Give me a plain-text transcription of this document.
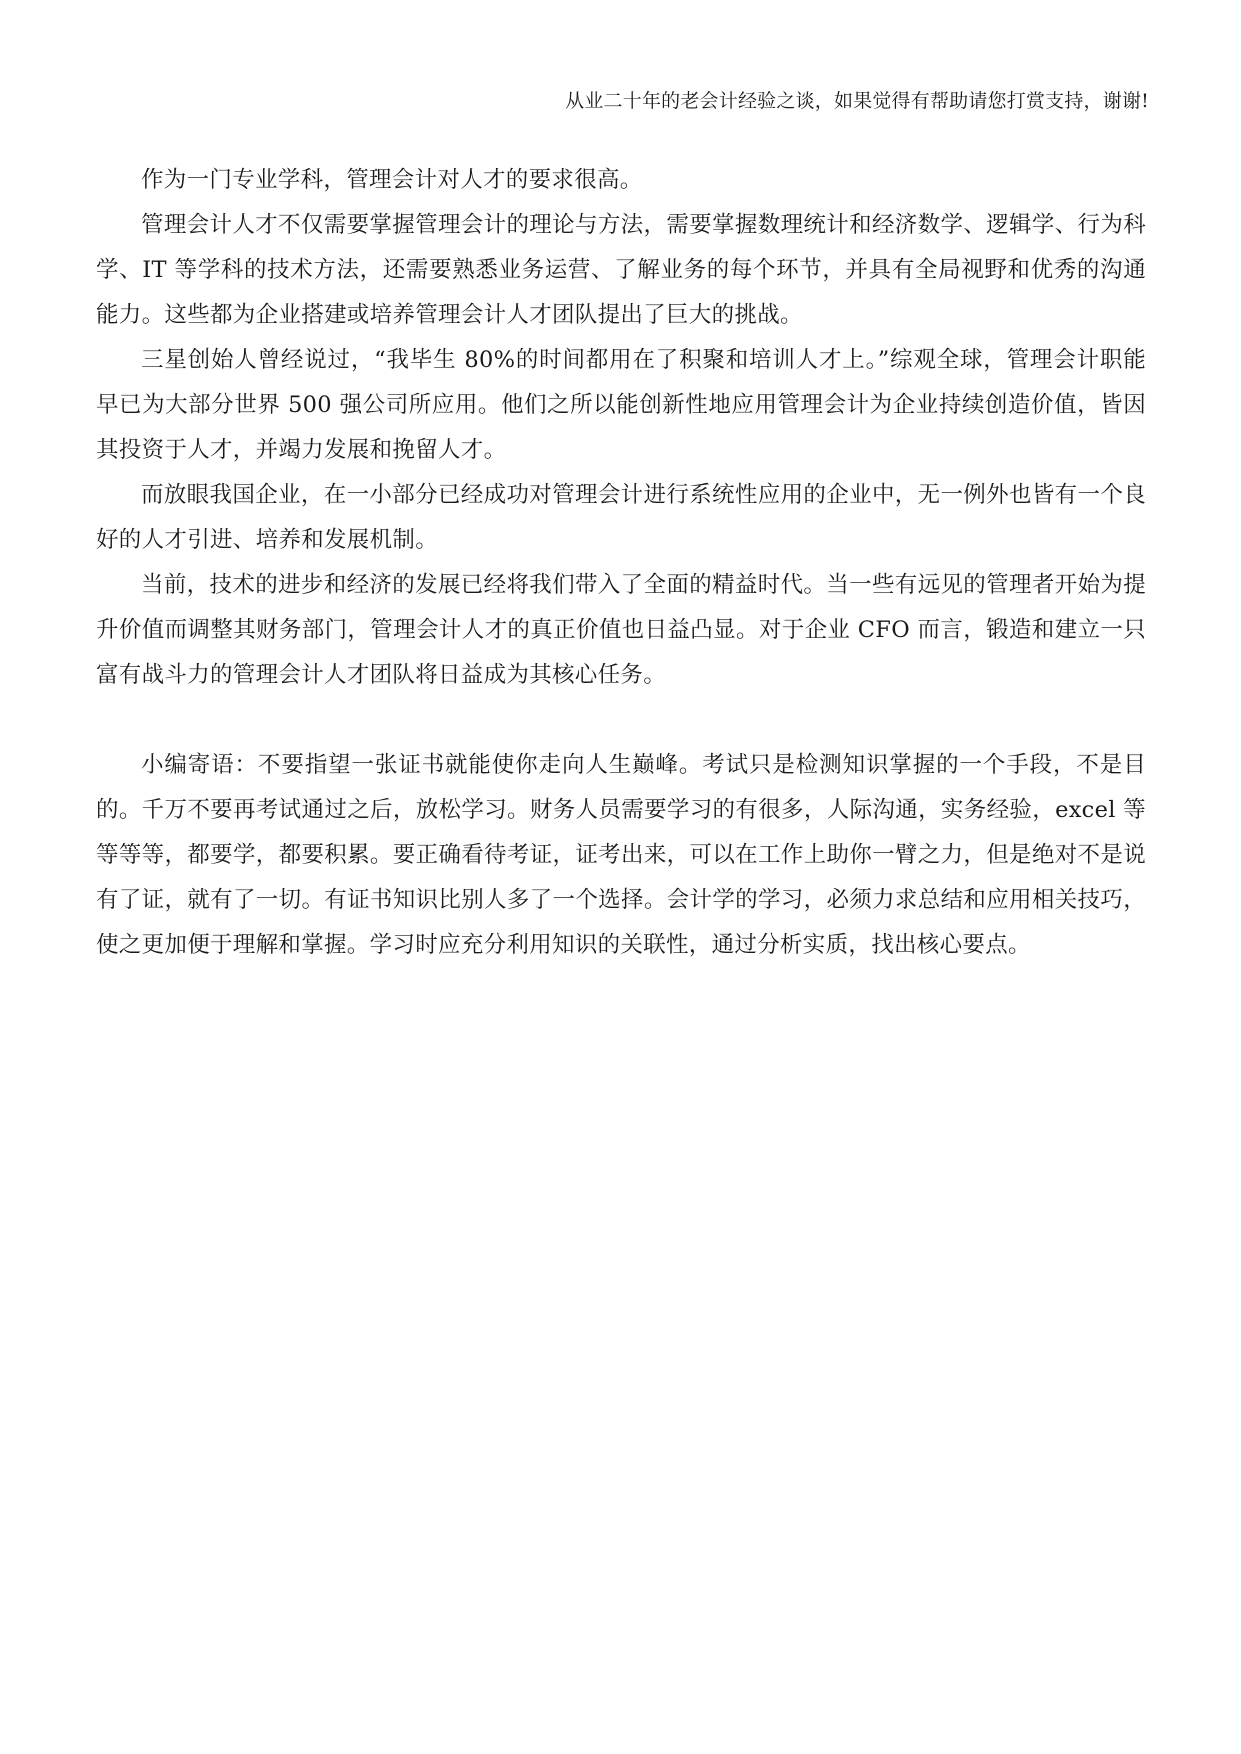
从业二十年的老会计经验之谈，如果觉得有帮助请您打赏支持，谢谢!

作为一门专业学科，管理会计对人才的要求很高。

管理会计人才不仅需要掌握管理会计的理论与方法，需要掌握数理统计和经济数学、逻辑学、行为科学、IT 等学科的技术方法，还需要熟悉业务运营、了解业务的每个环节，并具有全局视野和优秀的沟通能力。这些都为企业搭建或培养管理会计人才团队提出了巨大的挑战。

三星创始人曾经说过，“我毕生 80%的时间都用在了积聚和培训人才上。”综观全球，管理会计职能早已为大部分世界 500 强公司所应用。他们之所以能创新性地应用管理会计为企业持续创造价值，皆因其投资于人才，并竭力发展和挽留人才。

而放眼我国企业，在一小部分已经成功对管理会计进行系统性应用的企业中，无一例外也皆有一个良好的人才引进、培养和发展机制。

当前，技术的进步和经济的发展已经将我们带入了全面的精益时代。当一些有远见的管理者开始为提升价值而调整其财务部门，管理会计人才的真正价值也日益凸显。对于企业 CFO 而言，锻造和建立一只富有战斗力的管理会计人才团队将日益成为其核心任务。

小编寄语：不要指望一张证书就能使你走向人生巅峰。考试只是检测知识掌握的一个手段，不是目的。千万不要再考试通过之后，放松学习。财务人员需要学习的有很多，人际沟通，实务经验，excel 等等等等，都要学，都要积累。要正确看待考证，证考出来，可以在工作上助你一臂之力，但是绝对不是说有了证，就有了一切。有证书知识比别人多了一个选择。会计学的学习，必须力求总结和应用相关技巧，使之更加便于理解和掌握。学习时应充分利用知识的关联性，通过分析实质，找出核心要点。
